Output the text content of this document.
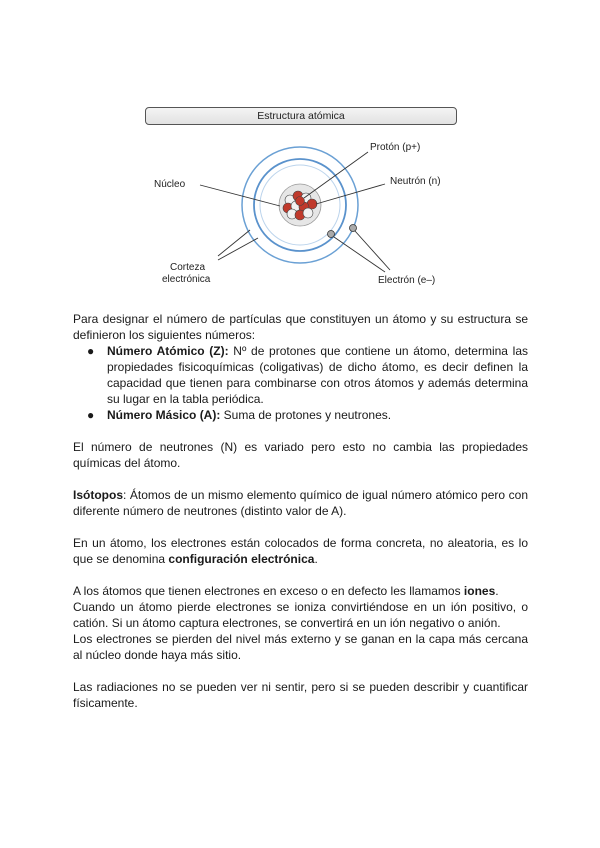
Estructura atómica
Protón (p+)
Núcleo	Neutrón (n)
Corteza
electrónica	Electrón (e–)
Para designar el número de partículas que constituyen un átomo y su estructura se definieron los siguientes números:
● Número Atómico (Z): Nº de protones que contiene un átomo, determina las propiedades fisicoquímicas (coligativas) de dicho átomo, es decir definen la capacidad que tienen para combinarse con otros átomos y además determina su lugar en la tabla periódica.
● Número Másico (A): Suma de protones y neutrones.
El número de neutrones (N) es variado pero esto no cambia las propiedades químicas del átomo.
Isótopos: Átomos de un mismo elemento químico de igual número atómico pero con diferente número de neutrones (distinto valor de A).
En un átomo, los electrones están colocados de forma concreta, no aleatoria, es lo que se denomina configuración electrónica.
A los átomos que tienen electrones en exceso o en defecto les llamamos iones.
Cuando un átomo pierde electrones se ioniza convirtiéndose en un ión positivo, o catión. Si un átomo captura electrones, se convertirá en un ión negativo o anión.
Los electrones se pierden del nivel más externo y se ganan en la capa más cercana al núcleo donde haya más sitio.
Las radiaciones no se pueden ver ni sentir, pero si se pueden describir y cuantificar físicamente.
